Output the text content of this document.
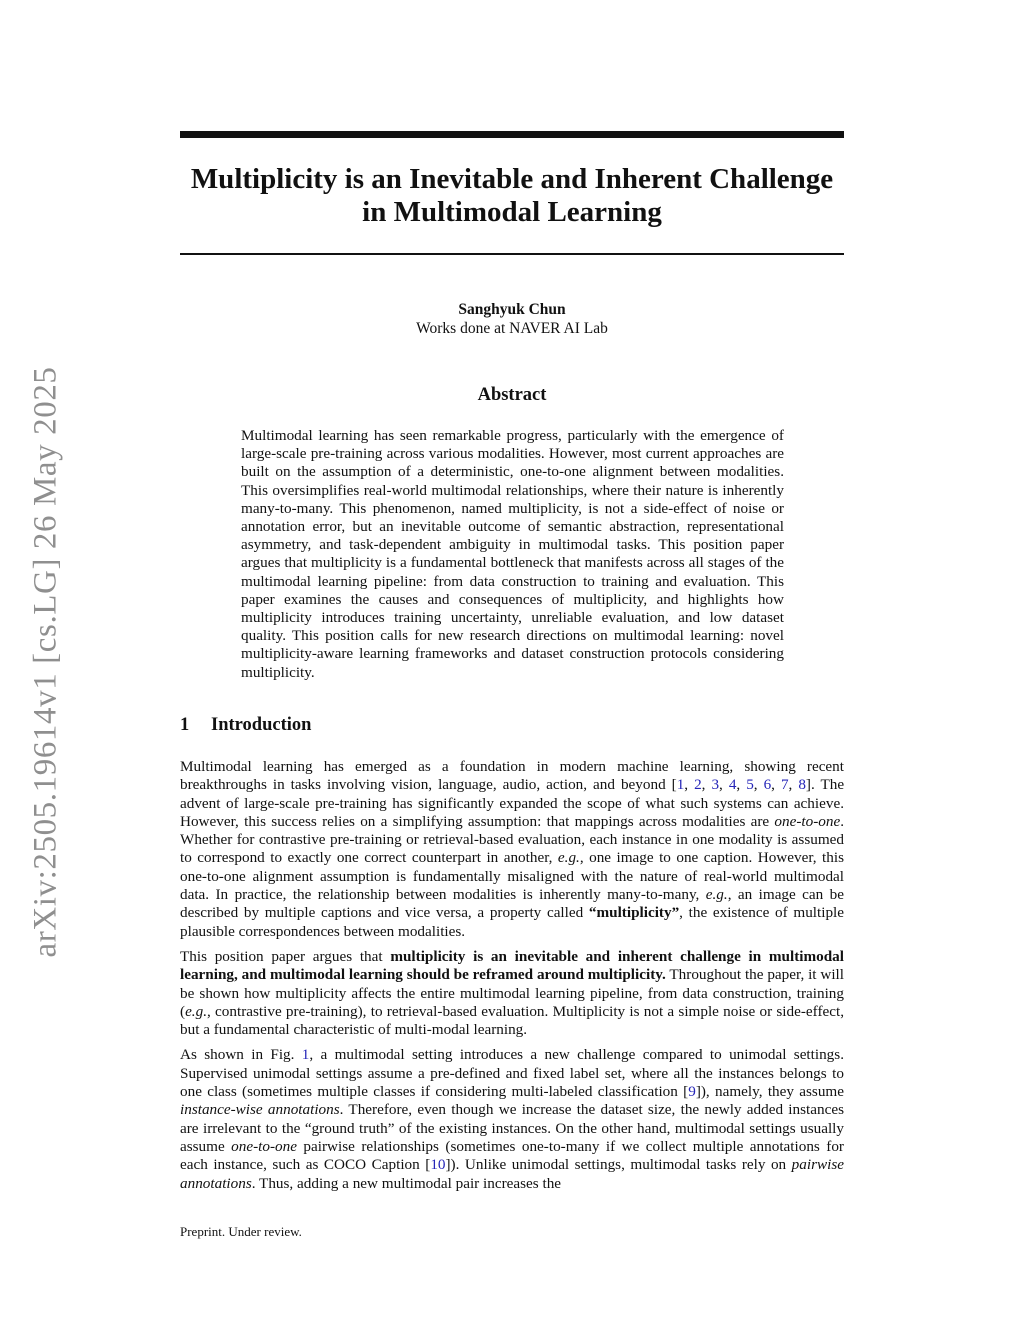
arXiv:2505.19614v1 [cs.LG] 26 May 2025
Multiplicity is an Inevitable and Inherent Challenge in Multimodal Learning
Sanghyuk Chun
Works done at NAVER AI Lab
Abstract

Multimodal learning has seen remarkable progress, particularly with the emergence of large-scale pre-training across various modalities. However, most current approaches are built on the assumption of a deterministic, one-to-one alignment between modalities. This oversimplifies real-world multimodal relationships, where their nature is inherently many-to-many. This phenomenon, named multiplicity, is not a side-effect of noise or annotation error, but an inevitable outcome of semantic abstraction, representational asymmetry, and task-dependent ambiguity in multimodal tasks. This position paper argues that multiplicity is a fundamental bottleneck that manifests across all stages of the multimodal learning pipeline: from data construction to training and evaluation. This paper examines the causes and consequences of multiplicity, and highlights how multiplicity introduces training uncertainty, unreliable evaluation, and low dataset quality. This position calls for new research directions on multimodal learning: novel multiplicity-aware learning frameworks and dataset construction protocols considering multiplicity.

1 Introduction

Multimodal learning has emerged as a foundation in modern machine learning, showing recent breakthroughs in tasks involving vision, language, audio, action, and beyond [1, 2, 3, 4, 5, 6, 7, 8]. The advent of large-scale pre-training has significantly expanded the scope of what such systems can achieve. However, this success relies on a simplifying assumption: that mappings across modalities are one-to-one. Whether for contrastive pre-training or retrieval-based evaluation, each instance in one modality is assumed to correspond to exactly one correct counterpart in another, e.g., one image to one caption. However, this one-to-one alignment assumption is fundamentally misaligned with the nature of real-world multimodal data. In practice, the relationship between modalities is inherently many-to-many, e.g., an image can be described by multiple captions and vice versa, a property called “multiplicity”, the existence of multiple plausible correspondences between modalities.

This position paper argues that multiplicity is an inevitable and inherent challenge in multimodal learning, and multimodal learning should be reframed around multiplicity. Throughout the paper, it will be shown how multiplicity affects the entire multimodal learning pipeline, from data construction, training (e.g., contrastive pre-training), to retrieval-based evaluation. Multiplicity is not a simple noise or side-effect, but a fundamental characteristic of multi-modal learning.

As shown in Fig. 1, a multimodal setting introduces a new challenge compared to unimodal settings. Supervised unimodal settings assume a pre-defined and fixed label set, where all the instances belongs to one class (sometimes multiple classes if considering multi-labeled classification [9]), namely, they assume instance-wise annotations. Therefore, even though we increase the dataset size, the newly added instances are irrelevant to the “ground truth” of the existing instances. On the other hand, multimodal settings usually assume one-to-one pairwise relationships (sometimes one-to-many if we collect multiple annotations for each instance, such as COCO Caption [10]). Unlike unimodal settings, multimodal tasks rely on pairwise annotations. Thus, adding a new multimodal pair increases the

Preprint. Under review.
